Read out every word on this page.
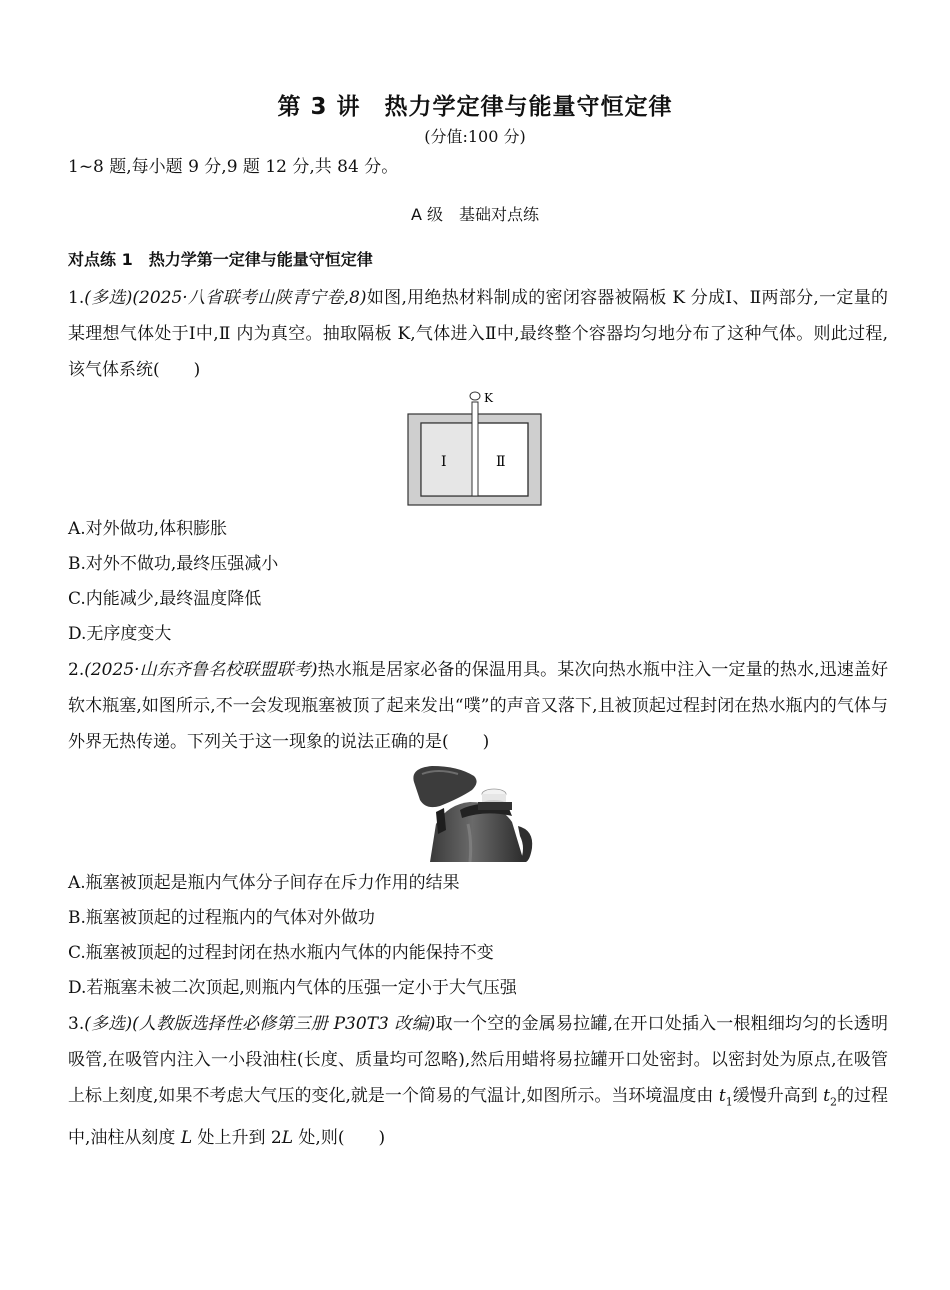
第 3 讲　热力学定律与能量守恒定律
(分值:100 分)
1~8 题,每小题 9 分,9 题 12 分,共 84 分。
A 级　基础对点练
对点练 1　热力学第一定律与能量守恒定律
1.(多选)(2025·八省联考山陕青宁卷,8)如图,用绝热材料制成的密闭容器被隔板 K 分成Ⅰ、Ⅱ两部分,一定量的某理想气体处于Ⅰ中,Ⅱ 内为真空。抽取隔板 K,气体进入Ⅱ中,最终整个容器均匀地分布了这种气体。则此过程,该气体系统(　　)
K
Ⅰ	Ⅱ
A.对外做功,体积膨胀
B.对外不做功,最终压强减小
C.内能减少,最终温度降低
D.无序度变大
2.(2025·山东齐鲁名校联盟联考)热水瓶是居家必备的保温用具。某次向热水瓶中注入一定量的热水,迅速盖好软木瓶塞,如图所示,不一会发现瓶塞被顶了起来发出“噗”的声音又落下,且被顶起过程封闭在热水瓶内的气体与外界无热传递。下列关于这一现象的说法正确的是(　　)
A.瓶塞被顶起是瓶内气体分子间存在斥力作用的结果
B.瓶塞被顶起的过程瓶内的气体对外做功
C.瓶塞被顶起的过程封闭在热水瓶内气体的内能保持不变
D.若瓶塞未被二次顶起,则瓶内气体的压强一定小于大气压强
3.(多选)(人教版选择性必修第三册 P30T3 改编)取一个空的金属易拉罐,在开口处插入一根粗细均匀的长透明吸管,在吸管内注入一小段油柱(长度、质量均可忽略),然后用蜡将易拉罐开口处密封。以密封处为原点,在吸管上标上刻度,如果不考虑大气压的变化,就是一个简易的气温计,如图所示。当环境温度由 $t_1$缓慢升高到 $t_2$的过程中,油柱从刻度 L 处上升到 2L 处,则(　　)
